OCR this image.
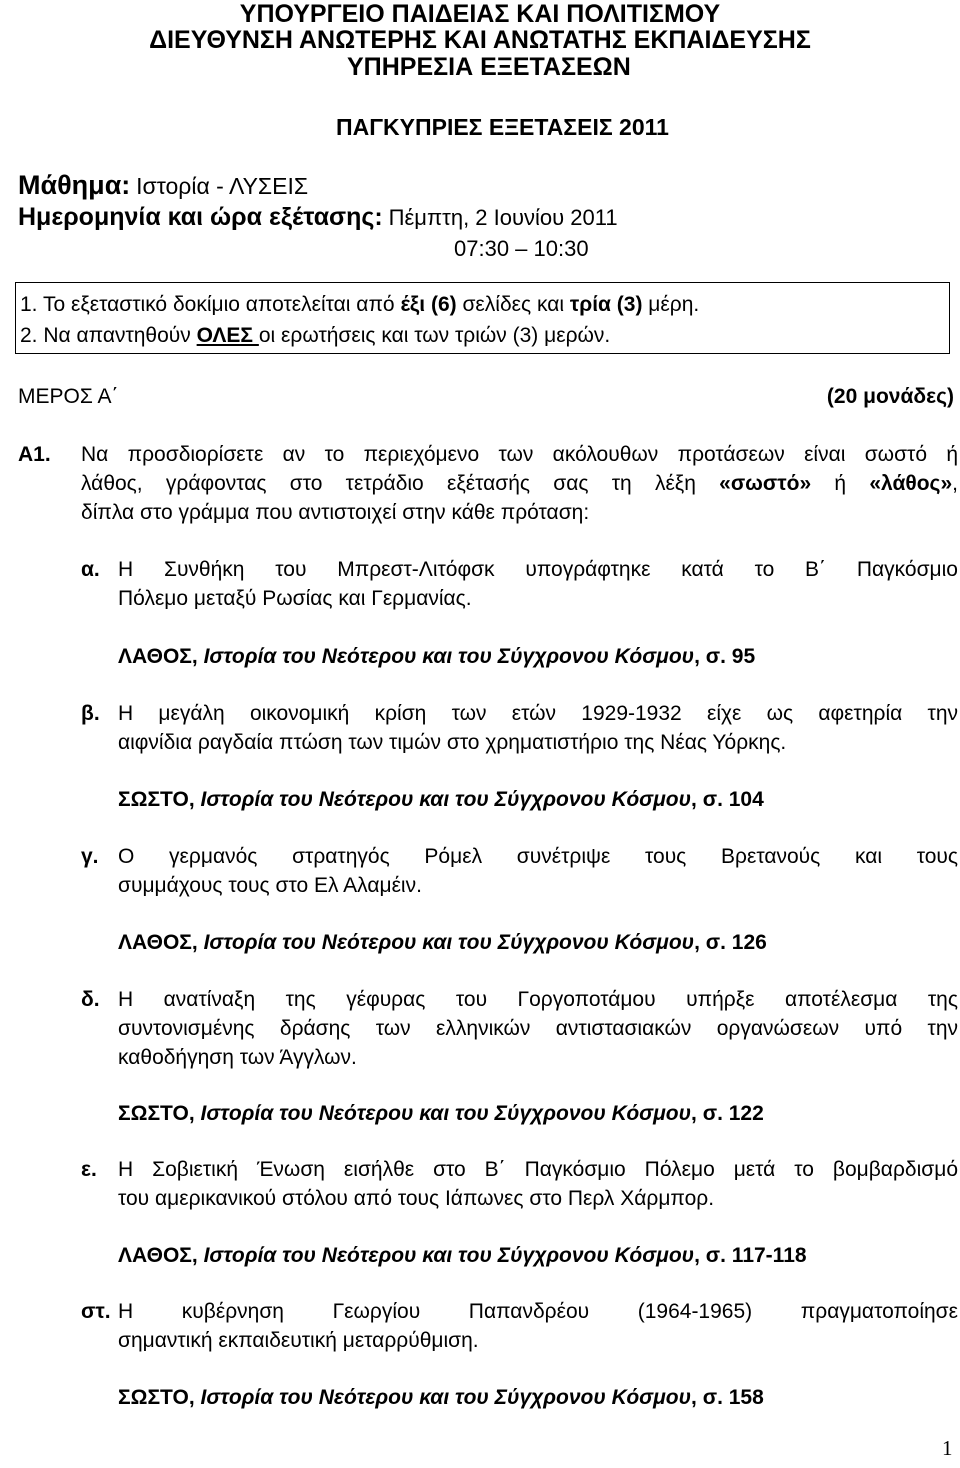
ΥΠΟΥΡΓΕΙΟ ΠΑΙΔΕΙΑΣ ΚΑΙ ΠΟΛΙΤΙΣΜΟΥ
ΔΙΕΥΘΥΝΣΗ ΑΝΩΤΕΡΗΣ ΚΑΙ ΑΝΩΤΑΤΗΣ ΕΚΠΑΙΔΕΥΣΗΣ
ΥΠΗΡΕΣΙΑ ΕΞΕΤΑΣΕΩΝ
ΠΑΓΚΥΠΡΙΕΣ ΕΞΕΤΑΣΕΙΣ 2011
Μάθημα: Ιστορία - ΛΥΣΕΙΣ
Ημερομηνία και ώρα εξέτασης: Πέμπτη, 2 Ιουνίου 2011
07:30 – 10:30
1. Το εξεταστικό δοκίμιο αποτελείται από έξι (6) σελίδες και τρία (3) μέρη.
2. Να απαντηθούν ΟΛΕΣ οι ερωτήσεις και των τριών (3) μερών.
ΜΕΡΟΣ Α΄	(20 μονάδες)
Α1. Να προσδιορίσετε αν το περιεχόμενο των ακόλουθων προτάσεων είναι σωστό ή
λάθος, γράφοντας στο τετράδιο εξέτασής σας τη λέξη «σωστό» ή «λάθος»,
δίπλα στο γράμμα που αντιστοιχεί στην κάθε πρόταση:
α. Η Συνθήκη του Μπρεστ-Λιτόφσκ υπογράφτηκε κατά το Β΄ Παγκόσμιο
Πόλεμο μεταξύ Ρωσίας και Γερμανίας.
ΛΑΘΟΣ, Ιστορία του Νεότερου και του Σύγχρονου Κόσμου, σ. 95
β. Η μεγάλη οικονομική κρίση των ετών 1929-1932 είχε ως αφετηρία την
αιφνίδια ραγδαία πτώση των τιμών στο χρηματιστήριο της Νέας Υόρκης.
ΣΩΣΤΟ, Ιστορία του Νεότερου και του Σύγχρονου Κόσμου, σ. 104
γ. Ο γερμανός στρατηγός Ρόμελ συνέτριψε τους Βρετανούς και τους
συμμάχους τους στο Ελ Αλαμέιν.
ΛΑΘΟΣ, Ιστορία του Νεότερου και του Σύγχρονου Κόσμου, σ. 126
δ. Η ανατίναξη της γέφυρας του Γοργοποτάμου υπήρξε αποτέλεσμα της
συντονισμένης δράσης των ελληνικών αντιστασιακών οργανώσεων υπό την
καθοδήγηση των Άγγλων.
ΣΩΣΤΟ, Ιστορία του Νεότερου και του Σύγχρονου Κόσμου, σ. 122
ε. Η Σοβιετική Ένωση εισήλθε στο Β΄ Παγκόσμιο Πόλεμο μετά το βομβαρδισμό
του αμερικανικού στόλου από τους Ιάπωνες στο Περλ Χάρμπορ.
ΛΑΘΟΣ, Ιστορία του Νεότερου και του Σύγχρονου Κόσμου, σ. 117-118
στ. Η κυβέρνηση Γεωργίου Παπανδρέου (1964-1965) πραγματοποίησε
σημαντική εκπαιδευτική μεταρρύθμιση.
ΣΩΣΤΟ, Ιστορία του Νεότερου και του Σύγχρονου Κόσμου, σ. 158
1
